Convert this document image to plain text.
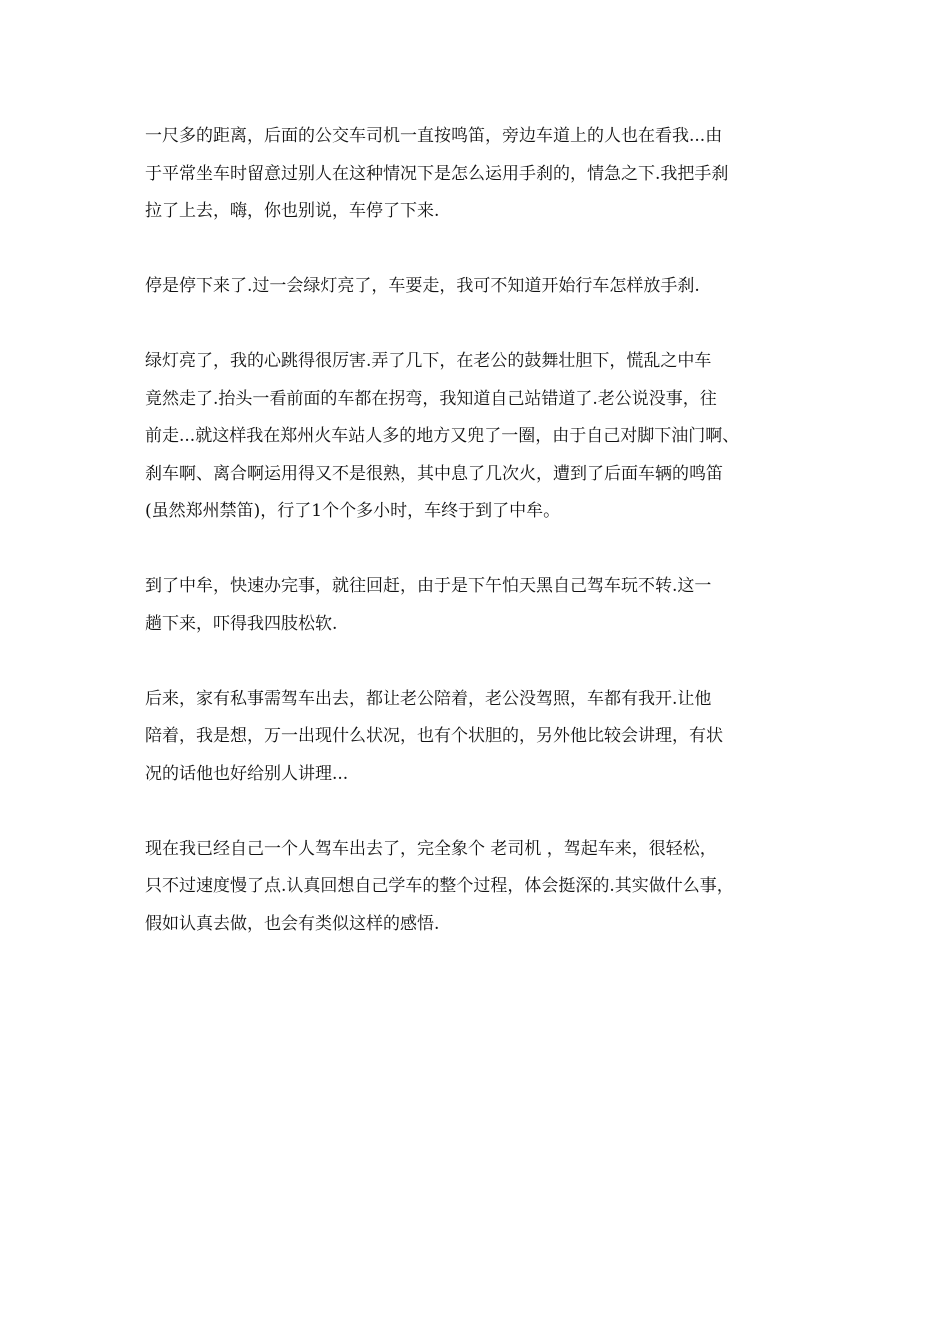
一尺多的距离，后面的公交车司机一直按鸣笛，旁边车道上的人也在看我...由
于平常坐车时留意过别人在这种情况下是怎么运用手刹的，情急之下.我把手刹
拉了上去，嗨，你也别说，车停了下来.

停是停下来了.过一会绿灯亮了，车要走，我可不知道开始行车怎样放手刹.

绿灯亮了，我的心跳得很厉害.弄了几下，在老公的鼓舞壮胆下，慌乱之中车
竟然走了.抬头一看前面的车都在拐弯，我知道自己站错道了.老公说没事，往
前走...就这样我在郑州火车站人多的地方又兜了一圈，由于自己对脚下油门啊、
刹车啊、离合啊运用得又不是很熟，其中息了几次火，遭到了后面车辆的鸣笛
(虽然郑州禁笛)，行了1个个多小时，车终于到了中牟。

到了中牟，快速办完事，就往回赶，由于是下午怕天黑自己驾车玩不转.这一
趟下来，吓得我四肢松软.

后来，家有私事需驾车出去，都让老公陪着，老公没驾照，车都有我开.让他
陪着，我是想，万一出现什么状况，也有个状胆的，另外他比较会讲理，有状
况的话他也好给别人讲理...

现在我已经自己一个人驾车出去了，完全象个 老司机 ，驾起车来，很轻松，
只不过速度慢了点.认真回想自己学车的整个过程，体会挺深的.其实做什么事，
假如认真去做，也会有类似这样的感悟.
